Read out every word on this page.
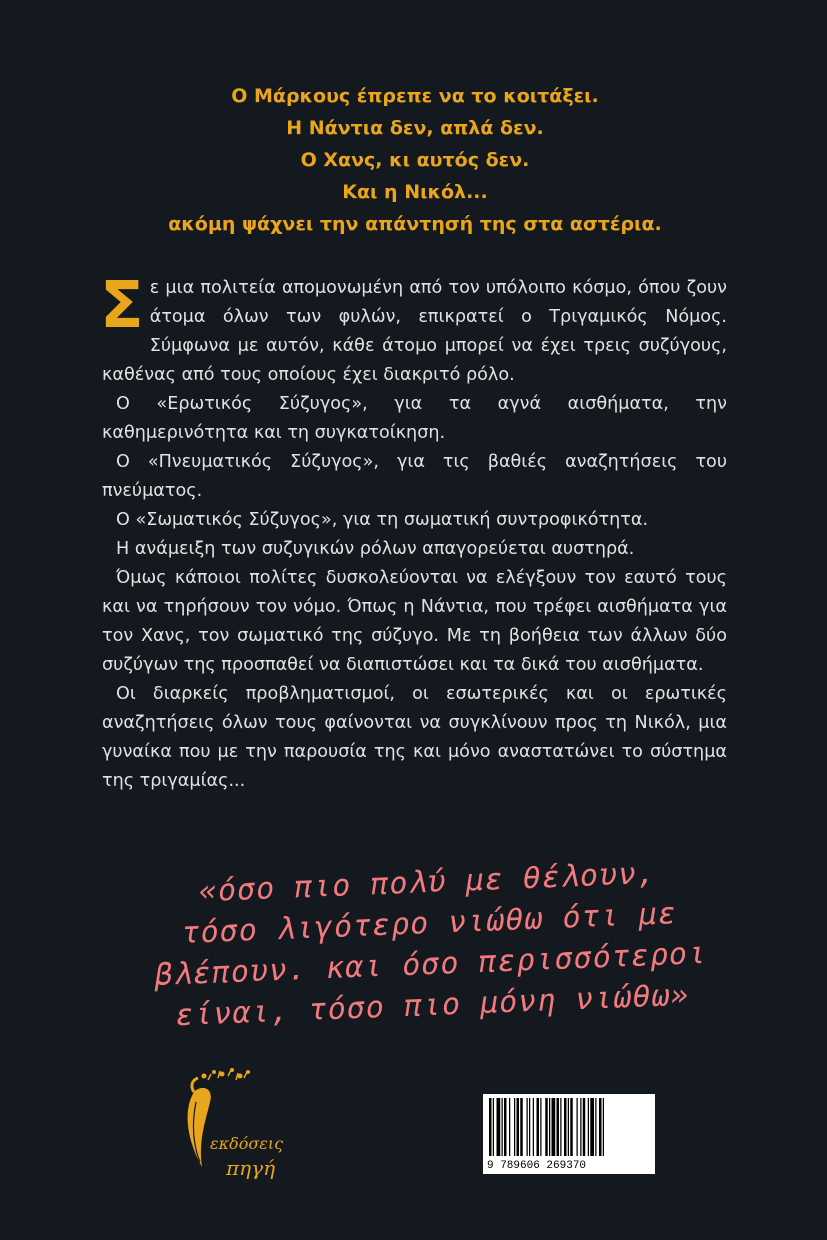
Ο Μάρκους έπρεπε να το κοιτάξει.
Η Νάντια δεν, απλά δεν.
Ο Χανς, κι αυτός δεν.
Και η Νικόλ...
ακόμη ψάχνει την απάντησή της στα αστέρια.

Σε μια πολιτεία απομονωμένη από τον υπόλοιπο κόσμο, όπου ζουν άτομα όλων των φυλών, επικρατεί ο Τριγαμικός Νόμος. Σύμφωνα με αυτόν, κάθε άτομο μπορεί να έχει τρεις συζύγους, καθένας από τους οποίους έχει διακριτό ρόλο.

Ο «Ερωτικός Σύζυγος», για τα αγνά αισθήματα, την καθημερινότητα και τη συγκατοίκηση.

Ο «Πνευματικός Σύζυγος», για τις βαθιές αναζητήσεις του πνεύματος.

Ο «Σωματικός Σύζυγος», για τη σωματική συντροφικότητα.

Η ανάμειξη των συζυγικών ρόλων απαγορεύεται αυστηρά.

Όμως κάποιοι πολίτες δυσκολεύονται να ελέγξουν τον εαυτό τους και να τηρήσουν τον νόμο. Όπως η Νάντια, που τρέφει αισθήματα για τον Χανς, τον σωματικό της σύζυγο. Με τη βοήθεια των άλλων δύο συζύγων της προσπαθεί να διαπιστώσει και τα δικά του αισθήματα.

Οι διαρκείς προβληματισμοί, οι εσωτερικές και οι ερωτικές αναζητήσεις όλων τους φαίνονται να συγκλίνουν προς τη Νικόλ, μια γυναίκα που με την παρουσία της και μόνο αναστατώνει το σύστημα της τριγαμίας...

«όσο πιο πολύ με θέλουν,
τόσο λιγότερο νιώθω ότι με
βλέπουν. και όσο περισσότεροι
είναι, τόσο πιο μόνη νιώθω»
εκδόσεις
πηγή	9 789606 269370
